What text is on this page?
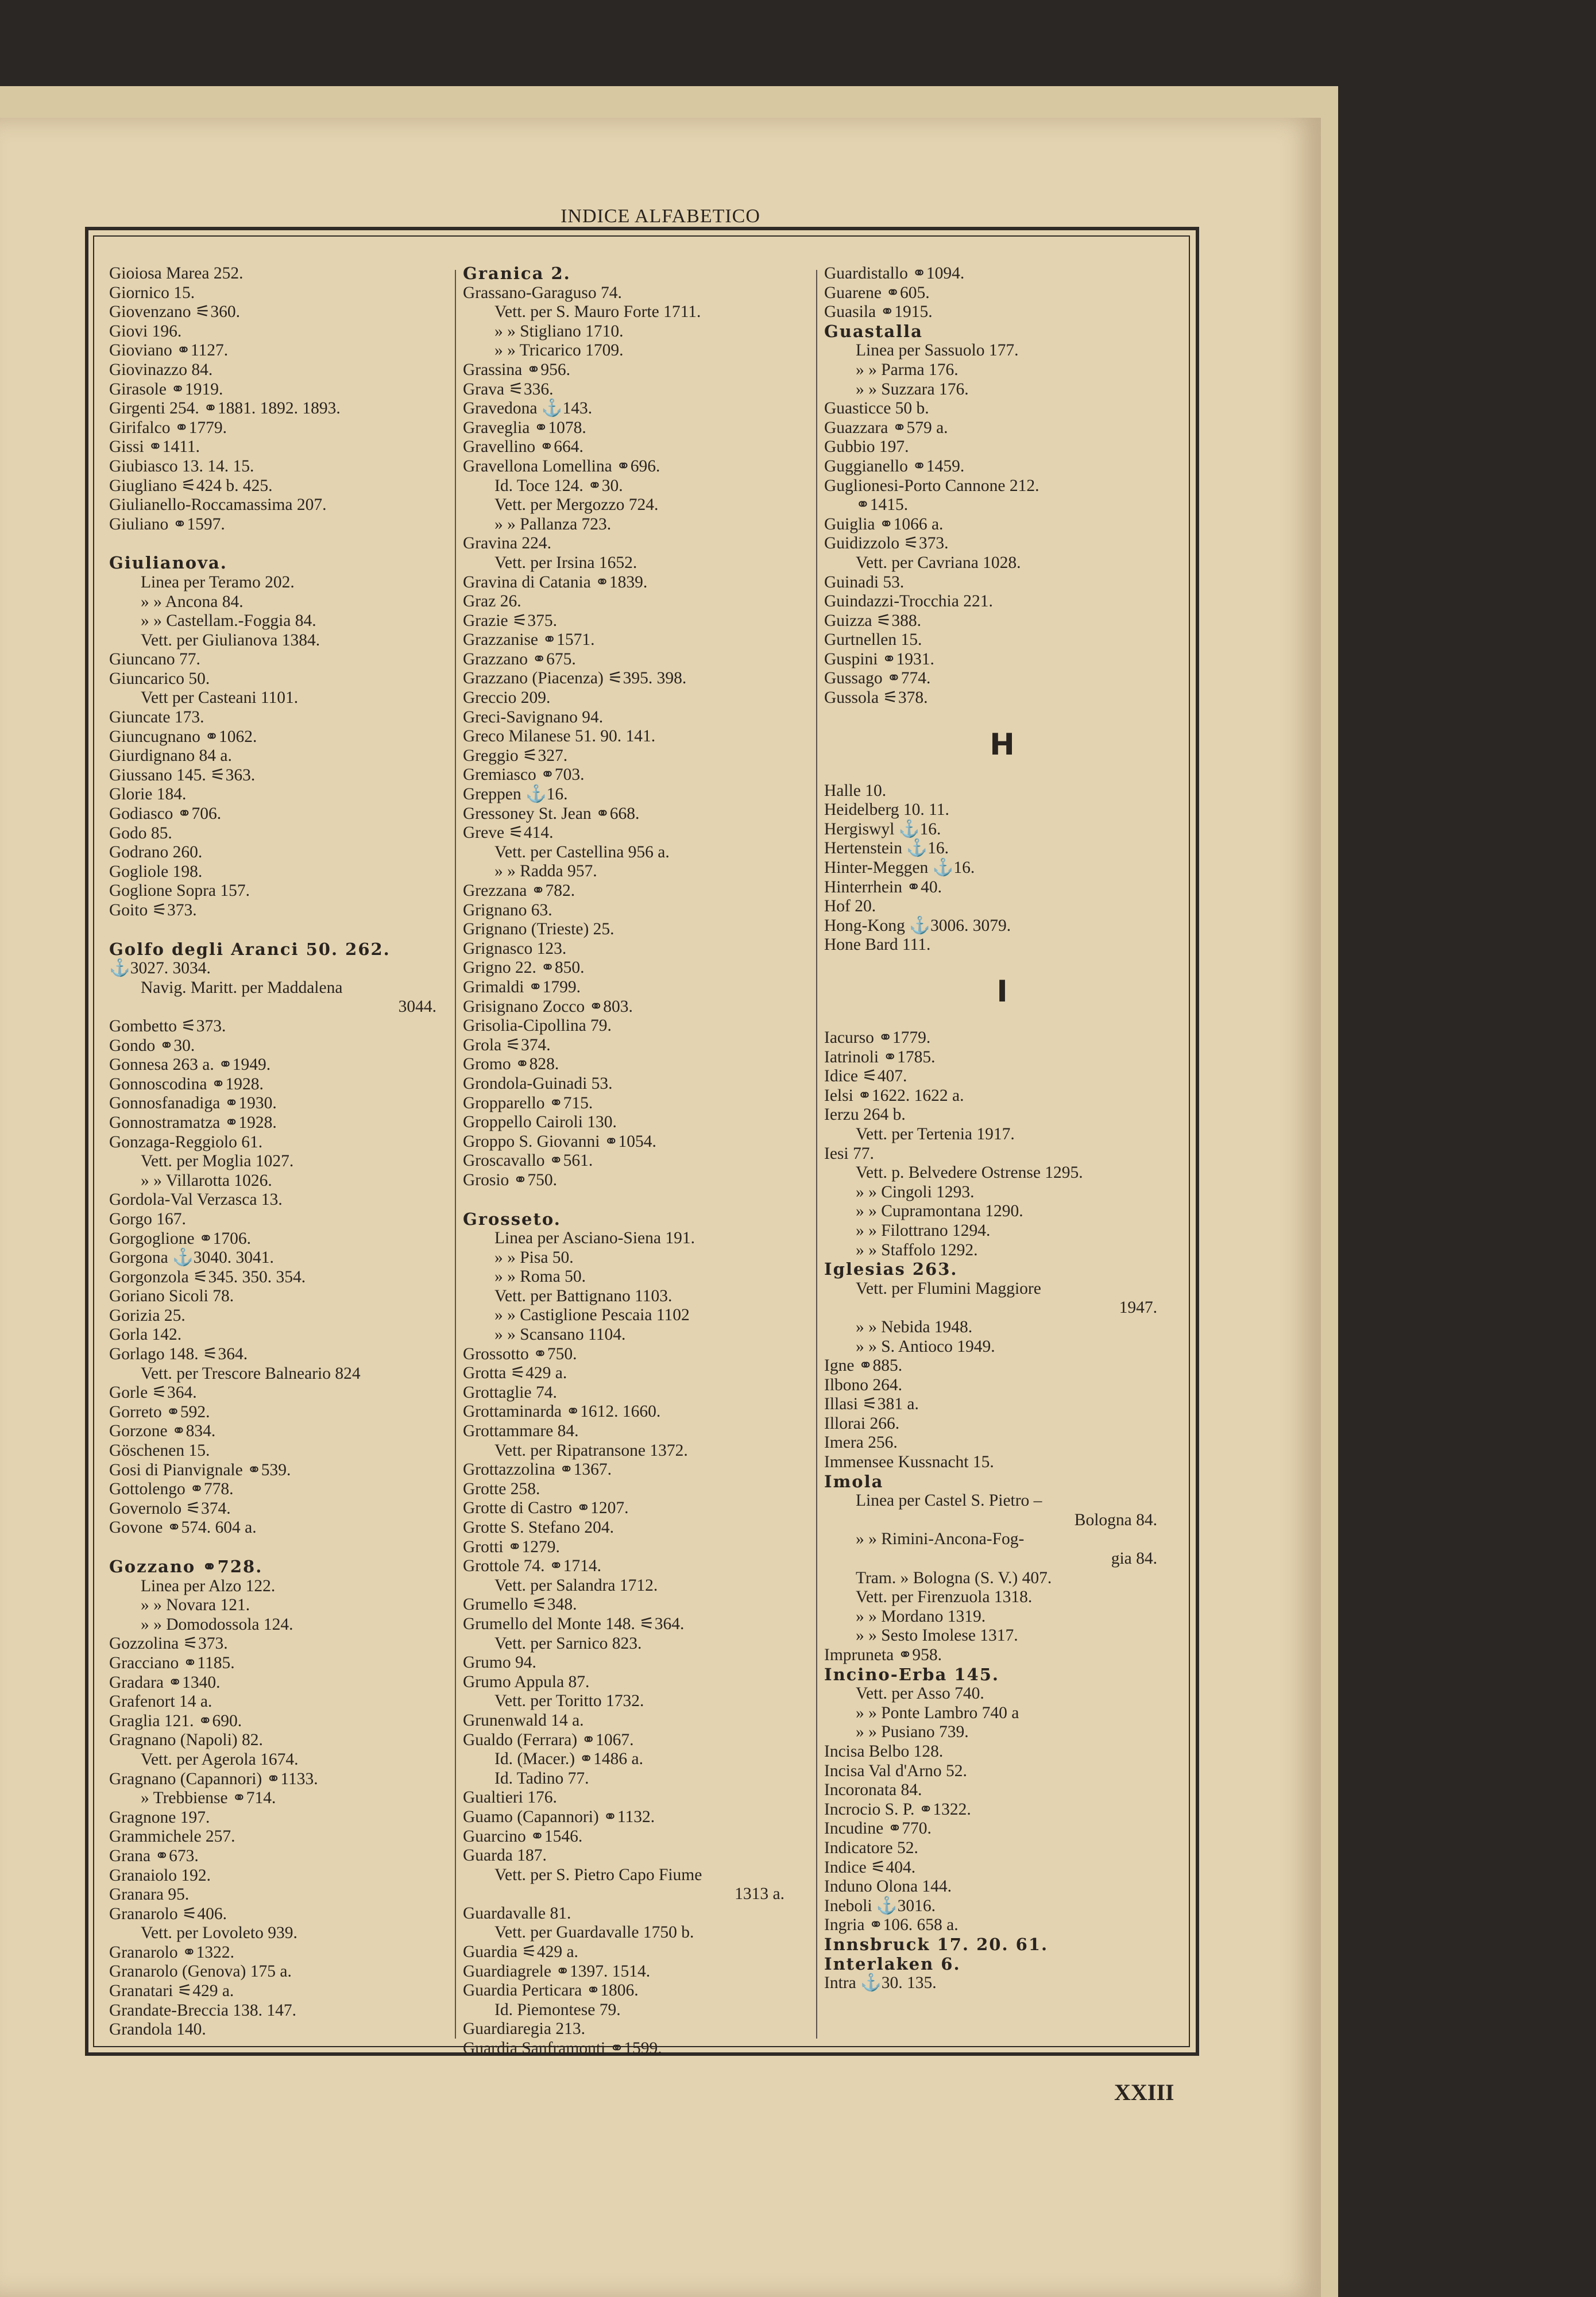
INDICE ALFABETICO
Gioiosa Marea 252.
Giornico 15.
Giovenzano ⚟360.
Giovi 196.
Gioviano ⚭1127.
Giovinazzo 84.
Girasole ⚭1919.
Girgenti 254. ⚭1881. 1892. 1893.
Girifalco ⚭1779.
Gissi ⚭1411.
Giubiasco 13. 14. 15.
Giugliano ⚟424 b. 425.
Giulianello-Roccamassima 207.
Giuliano ⚭1597.
Giulianova.
Linea per Teramo 202.
» » Ancona 84.
» » Castellam.-Foggia 84.
Vett. per Giulianova 1384.
Giuncano 77.
Giuncarico 50.
Vett per Casteani 1101.
Giuncate 173.
Giuncugnano ⚭1062.
Giurdignano 84 a.
Giussano 145. ⚟363.
Glorie 184.
Godiasco ⚭706.
Godo 85.
Godrano 260.
Gogliole 198.
Goglione Sopra 157.
Goito ⚟373.
Golfo degli Aranci 50. 262.
⚓3027. 3034.
Navig. Maritt. per Maddalena
3044.
Gombetto ⚟373.
Gondo ⚭30.
Gonnesa 263 a. ⚭1949.
Gonnoscodina ⚭1928.
Gonnosfanadiga ⚭1930.
Gonnostramatza ⚭1928.
Gonzaga-Reggiolo 61.
Vett. per Moglia 1027.
» » Villarotta 1026.
Gordola-Val Verzasca 13.
Gorgo 167.
Gorgoglione ⚭1706.
Gorgona ⚓3040. 3041.
Gorgonzola ⚟345. 350. 354.
Goriano Sicoli 78.
Gorizia 25.
Gorla 142.
Gorlago 148. ⚟364.
Vett. per Trescore Balneario 824
Gorle ⚟364.
Gorreto ⚭592.
Gorzone ⚭834.
Göschenen 15.
Gosi di Pianvignale ⚭539.
Gottolengo ⚭778.
Governolo ⚟374.
Govone ⚭574. 604 a.
Gozzano ⚭728.
Linea per Alzo 122.
» » Novara 121.
» » Domodossola 124.
Gozzolina ⚟373.
Gracciano ⚭1185.
Gradara ⚭1340.
Grafenort 14 a.
Graglia 121. ⚭690.
Gragnano (Napoli) 82.
Vett. per Agerola 1674.
Gragnano (Capannori) ⚭1133.
» Trebbiense ⚭714.
Gragnone 197.
Grammichele 257.
Grana ⚭673.
Granaiolo 192.
Granara 95.
Granarolo ⚟406.
Vett. per Lovoleto 939.
Granarolo ⚭1322.
Granarolo (Genova) 175 a.
Granatari ⚟429 a.
Grandate-Breccia 138. 147.
Grandola 140.
Granica 2.
Grassano-Garaguso 74.
Vett. per S. Mauro Forte 1711.
» » Stigliano 1710.
» » Tricarico 1709.
Grassina ⚭956.
Grava ⚟336.
Gravedona ⚓143.
Graveglia ⚭1078.
Gravellino ⚭664.
Gravellona Lomellina ⚭696.
Id. Toce 124. ⚭30.
Vett. per Mergozzo 724.
» » Pallanza 723.
Gravina 224.
Vett. per Irsina 1652.
Gravina di Catania ⚭1839.
Graz 26.
Grazie ⚟375.
Grazzanise ⚭1571.
Grazzano ⚭675.
Grazzano (Piacenza) ⚟395. 398.
Greccio 209.
Greci-Savignano 94.
Greco Milanese 51. 90. 141.
Greggio ⚟327.
Gremiasco ⚭703.
Greppen ⚓16.
Gressoney St. Jean ⚭668.
Greve ⚟414.
Vett. per Castellina 956 a.
» » Radda 957.
Grezzana ⚭782.
Grignano 63.
Grignano (Trieste) 25.
Grignasco 123.
Grigno 22. ⚭850.
Grimaldi ⚭1799.
Grisignano Zocco ⚭803.
Grisolia-Cipollina 79.
Grola ⚟374.
Gromo ⚭828.
Grondola-Guinadi 53.
Gropparello ⚭715.
Groppello Cairoli 130.
Groppo S. Giovanni ⚭1054.
Groscavallo ⚭561.
Grosio ⚭750.
Grosseto.
Linea per Asciano-Siena 191.
» » Pisa 50.
» » Roma 50.
Vett. per Battignano 1103.
» » Castiglione Pescaia 1102
» » Scansano 1104.
Grossotto ⚭750.
Grotta ⚟429 a.
Grottaglie 74.
Grottaminarda ⚭1612. 1660.
Grottammare 84.
Vett. per Ripatransone 1372.
Grottazzolina ⚭1367.
Grotte 258.
Grotte di Castro ⚭1207.
Grotte S. Stefano 204.
Grotti ⚭1279.
Grottole 74. ⚭1714.
Vett. per Salandra 1712.
Grumello ⚟348.
Grumello del Monte 148. ⚟364.
Vett. per Sarnico 823.
Grumo 94.
Grumo Appula 87.
Vett. per Toritto 1732.
Grunenwald 14 a.
Gualdo (Ferrara) ⚭1067.
Id. (Macer.) ⚭1486 a.
Id. Tadino 77.
Gualtieri 176.
Guamo (Capannori) ⚭1132.
Guarcino ⚭1546.
Guarda 187.
Vett. per S. Pietro Capo Fiume
1313 a.
Guardavalle 81.
Vett. per Guardavalle 1750 b.
Guardia ⚟429 a.
Guardiagrele ⚭1397. 1514.
Guardia Perticara ⚭1806.
Id. Piemontese 79.
Guardiaregia 213.
Guardia Sanframonti ⚭1599.
Guardistallo ⚭1094.
Guarene ⚭605.
Guasila ⚭1915.
Guastalla
Linea per Sassuolo 177.
» » Parma 176.
» » Suzzara 176.
Guasticce 50 b.
Guazzara ⚭579 a.
Gubbio 197.
Guggianello ⚭1459.
Guglionesi-Porto Cannone 212.
⚭1415.
Guiglia ⚭1066 a.
Guidizzolo ⚟373.
Vett. per Cavriana 1028.
Guinadi 53.
Guindazzi-Trocchia 221.
Guizza ⚟388.
Gurtnellen 15.
Guspini ⚭1931.
Gussago ⚭774.
Gussola ⚟378.
H
Halle 10.
Heidelberg 10. 11.
Hergiswyl ⚓16.
Hertenstein ⚓16.
Hinter-Meggen ⚓16.
Hinterrhein ⚭40.
Hof 20.
Hong-Kong ⚓3006. 3079.
Hone Bard 111.
I
Iacurso ⚭1779.
Iatrinoli ⚭1785.
Idice ⚟407.
Ielsi ⚭1622. 1622 a.
Ierzu 264 b.
Vett. per Tertenia 1917.
Iesi 77.
Vett. p. Belvedere Ostrense 1295.
» » Cingoli 1293.
» » Cupramontana 1290.
» » Filottrano 1294.
» » Staffolo 1292.
Iglesias 263.
Vett. per Flumini Maggiore
1947.
» » Nebida 1948.
» » S. Antioco 1949.
Igne ⚭885.
Ilbono 264.
Illasi ⚟381 a.
Illorai 266.
Imera 256.
Immensee Kussnacht 15.
Imola
Linea per Castel S. Pietro –
Bologna 84.
» » Rimini-Ancona-Fog-
gia 84.
Tram. » Bologna (S. V.) 407.
Vett. per Firenzuola 1318.
» » Mordano 1319.
» » Sesto Imolese 1317.
Impruneta ⚭958.
Incino-Erba 145.
Vett. per Asso 740.
» » Ponte Lambro 740 a
» » Pusiano 739.
Incisa Belbo 128.
Incisa Val d'Arno 52.
Incoronata 84.
Incrocio S. P. ⚭1322.
Incudine ⚭770.
Indicatore 52.
Indice ⚟404.
Induno Olona 144.
Ineboli ⚓3016.
Ingria ⚭106. 658 a.
Innsbruck 17. 20. 61.
Interlaken 6.
Intra ⚓30. 135.
XXIII
